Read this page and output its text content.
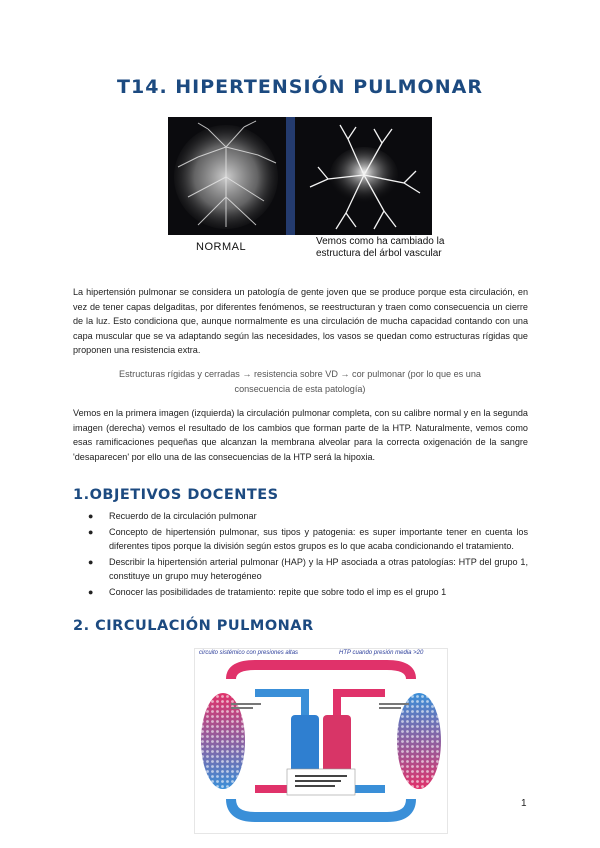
T14. HIPERTENSIÓN PULMONAR
NORMAL	Vemos como ha cambiado la estructura del árbol vascular

La hipertensión pulmonar se considera un patología de gente joven que se produce porque esta circulación, en vez de tener capas delgaditas, por diferentes fenómenos, se reestructuran y traen como consecuencia un cierre de la luz. Esto condiciona que, aunque normalmente es una circulación de mucha capacidad contando con una capa muscular que se va adaptando según las necesidades, los vasos se quedan como estructuras rígidas que proponen una resistencia extra.

Estructuras rígidas y cerradas → resistencia sobre VD → cor pulmonar (por lo que es una consecuencia de esta patología)

Vemos en la primera imagen (izquierda) la circulación pulmonar completa, con su calibre normal y en la segunda imagen (derecha) vemos el resultado de los cambios que forman parte de la HTP. Naturalmente, vemos como esas ramificaciones pequeñas que alcanzan la membrana alveolar para la correcta oxigenación de la sangre 'desaparecen' por ello una de las consecuencias de la HTP será la hipoxia.

1.OBJETIVOS DOCENTES
● Recuerdo de la circulación pulmonar
● Concepto de hipertensión pulmonar, sus tipos y patogenia: es super importante tener en cuenta los diferentes tipos porque la división según estos grupos es lo que acaba condicionando el tratamiento.
● Describir la hipertensión arterial pulmonar (HAP) y la HP asociada a otras patologías: HTP del grupo 1, constituye un grupo muy heterogéneo
● Conocer las posibilidades de tratamiento: repite que sobre todo el imp es el grupo 1
2. CIRCULACIÓN PULMONAR
circuito sistémico con presiones altas	HTP cuando presión media >20
1
